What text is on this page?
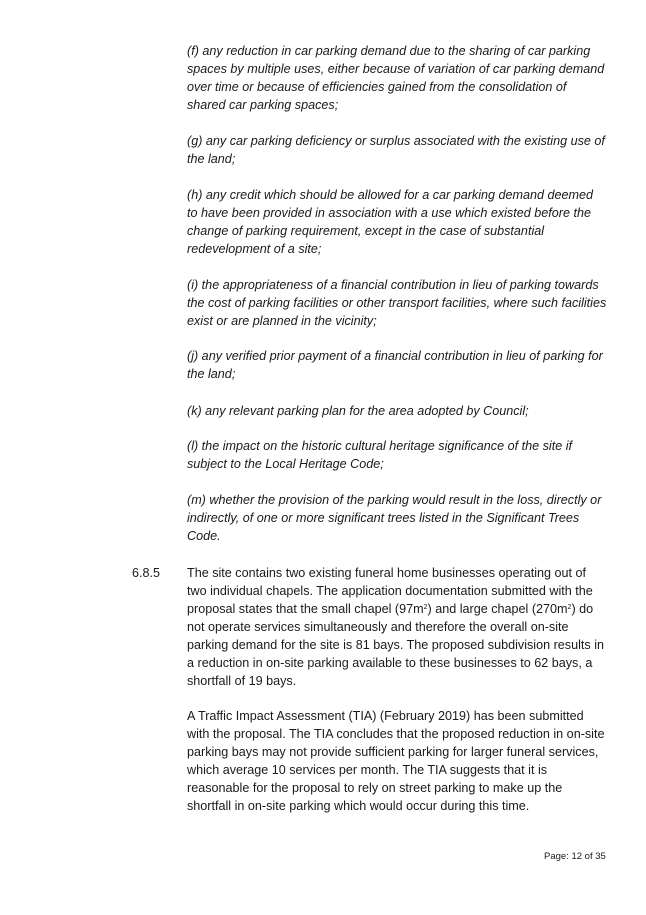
(f) any reduction in car parking demand due to the sharing of car parking spaces by multiple uses, either because of variation of car parking demand over time or because of efficiencies gained from the consolidation of shared car parking spaces;

(g) any car parking deficiency or surplus associated with the existing use of the land;

(h) any credit which should be allowed for a car parking demand deemed to have been provided in association with a use which existed before the change of parking requirement, except in the case of substantial redevelopment of a site;

(i) the appropriateness of a financial contribution in lieu of parking towards the cost of parking facilities or other transport facilities, where such facilities exist or are planned in the vicinity;

(j) any verified prior payment of a financial contribution in lieu of parking for the land;

(k) any relevant parking plan for the area adopted by Council;

(l) the impact on the historic cultural heritage significance of the site if subject to the Local Heritage Code;

(m) whether the provision of the parking would result in the loss, directly or indirectly, of one or more significant trees listed in the Significant Trees Code.

6.8.5 The site contains two existing funeral home businesses operating out of two individual chapels. The application documentation submitted with the proposal states that the small chapel $(97m^2)$ and large chapel $(270m^2)$ do not operate services simultaneously and therefore the overall on-site parking demand for the site is 81 bays. The proposed subdivision results in a reduction in on-site parking available to these businesses to 62 bays, a shortfall of 19 bays.

A Traffic Impact Assessment (TIA) (February 2019) has been submitted with the proposal. The TIA concludes that the proposed reduction in on-site parking bays may not provide sufficient parking for larger funeral services, which average 10 services per month. The TIA suggests that it is reasonable for the proposal to rely on street parking to make up the shortfall in on-site parking which would occur during this time.

Page: 12 of 35
